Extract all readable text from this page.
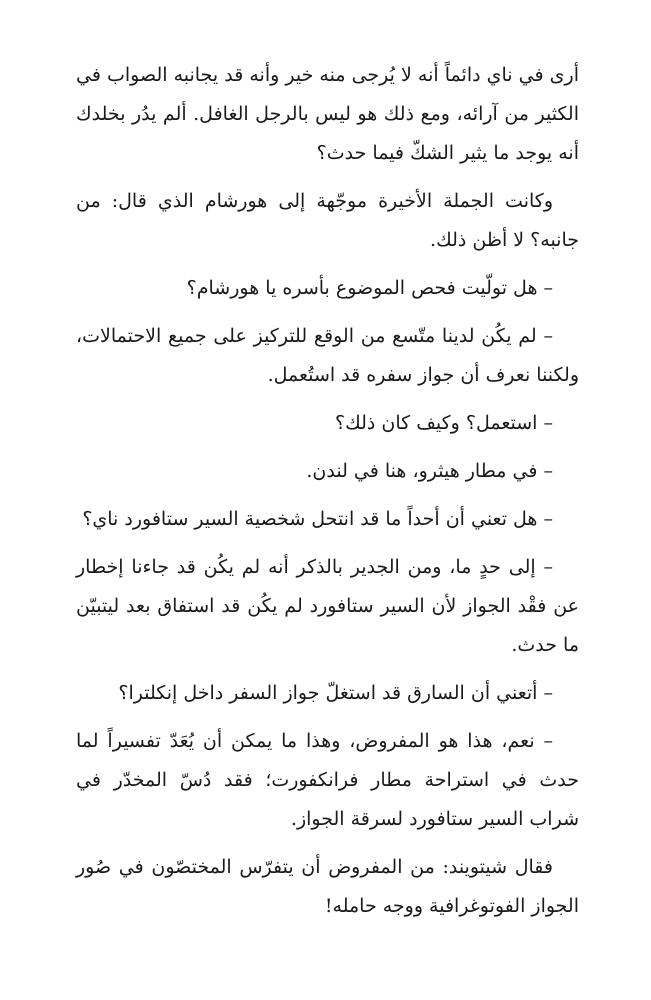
أرى في ناي دائماً أنه لا يُرجى منه خير وأنه قد يجانبه الصواب في الكثير من آرائه، ومع ذلك هو ليس بالرجل الغافل. ألم يدُر بخلدك أنه يوجد ما يثير الشكّ فيما حدث؟

وكانت الجملة الأخيرة موجّهة إلى هورشام الذي قال: من جانبه؟ لا أظن ذلك.

– هل تولّيت فحص الموضوع بأسره يا هورشام؟

– لم يكُن لدينا متّسع من الوقع للتركيز على جميع الاحتمالات، ولكننا نعرف أن جواز سفره قد استُعمل.

– استعمل؟ وكيف كان ذلك؟

– في مطار هيثرو، هنا في لندن.

– هل تعني أن أحداً ما قد انتحل شخصية السير ستافورد ناي؟

– إلى حدٍ ما، ومن الجدير بالذكر أنه لم يكُن قد جاءنا إخطار عن فقْد الجواز لأن السير ستافورد لم يكُن قد استفاق بعد ليتبيّن ما حدث.

– أتعني أن السارق قد استغلّ جواز السفر داخل إنكلترا؟

– نعم، هذا هو المفروض، وهذا ما يمكن أن يُعَدّ تفسيراً لما حدث في استراحة مطار فرانكفورت؛ فقد دُسّ المخدّر في شراب السير ستافورد لسرقة الجواز.

فقال شيتويند: من المفروض أن يتفرّس المختصّون في صُور الجواز الفوتوغرافية ووجه حامله!
